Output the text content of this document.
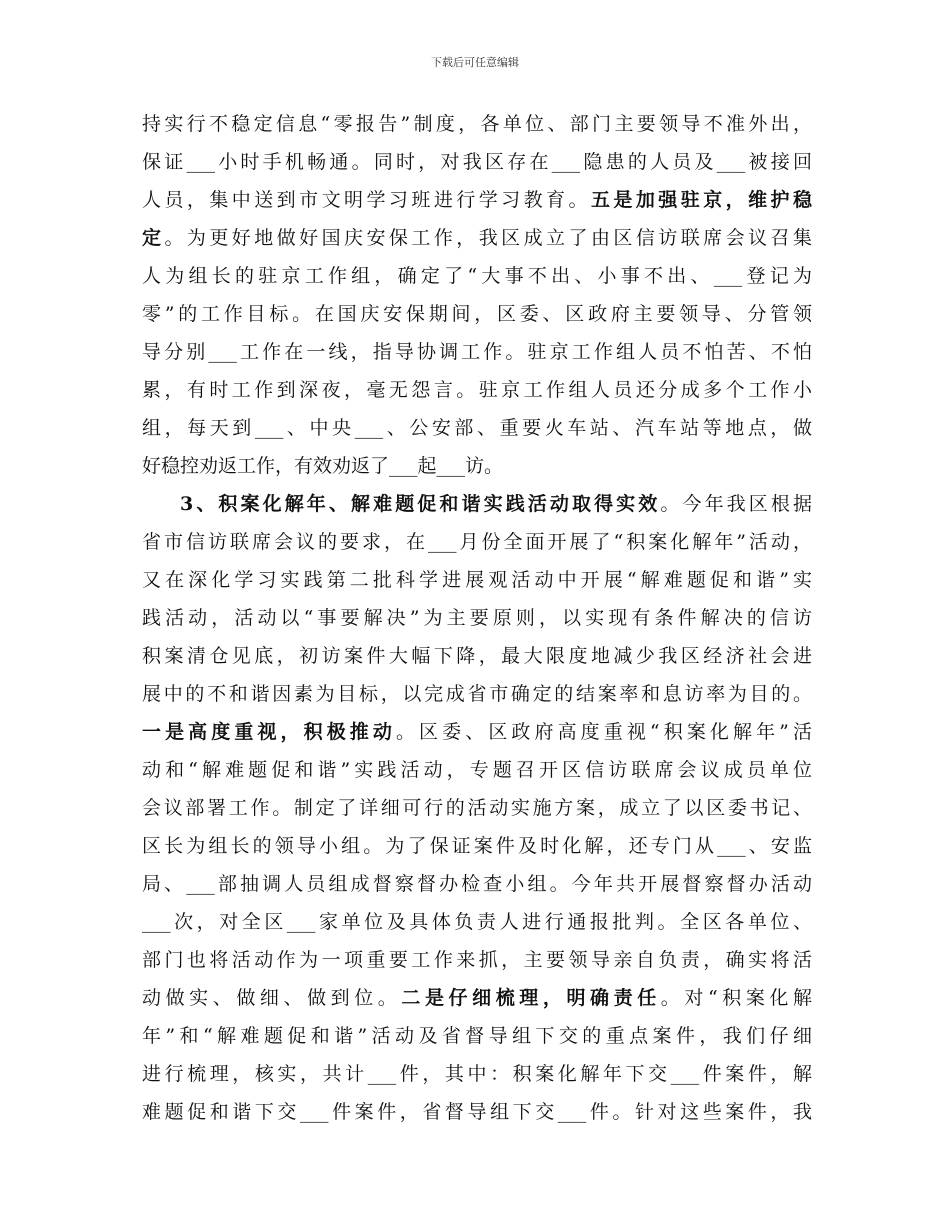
下载后可任意编辑
持实行不稳定信息“零报告”制度，各单位、部门主要领导不准外出，
保证___小时手机畅通。同时，对我区存在___隐患的人员及___被接回
人员，集中送到市文明学习班进行学习教育。五是加强驻京，维护稳
定。为更好地做好国庆安保工作，我区成立了由区信访联席会议召集
人为组长的驻京工作组，确定了“大事不出、小事不出、___登记为
零”的工作目标。在国庆安保期间，区委、区政府主要领导、分管领
导分别___工作在一线，指导协调工作。驻京工作组人员不怕苦、不怕
累，有时工作到深夜，毫无怨言。驻京工作组人员还分成多个工作小
组，每天到___、中央___、公安部、重要火车站、汽车站等地点，做
好稳控劝返工作，有效劝返了___起___访。
3、积案化解年、解难题促和谐实践活动取得实效。今年我区根据
省市信访联席会议的要求，在___月份全面开展了“积案化解年”活动，
又在深化学习实践第二批科学进展观活动中开展“解难题促和谐”实
践活动，活动以“事要解决”为主要原则，以实现有条件解决的信访
积案清仓见底，初访案件大幅下降，最大限度地减少我区经济社会进
展中的不和谐因素为目标，以完成省市确定的结案率和息访率为目的。
一是高度重视，积极推动。区委、区政府高度重视“积案化解年”活
动和“解难题促和谐”实践活动，专题召开区信访联席会议成员单位
会议部署工作。制定了详细可行的活动实施方案，成立了以区委书记、
区长为组长的领导小组。为了保证案件及时化解，还专门从___、安监
局、___部抽调人员组成督察督办检查小组。今年共开展督察督办活动
___次，对全区___家单位及具体负责人进行通报批判。全区各单位、
部门也将活动作为一项重要工作来抓，主要领导亲自负责，确实将活
动做实、做细、做到位。二是仔细梳理，明确责任。对“积案化解
年”和“解难题促和谐”活动及省督导组下交的重点案件，我们仔细
进行梳理，核实，共计___件，其中：积案化解年下交___件案件，解
难题促和谐下交___件案件，省督导组下交___件。针对这些案件，我
